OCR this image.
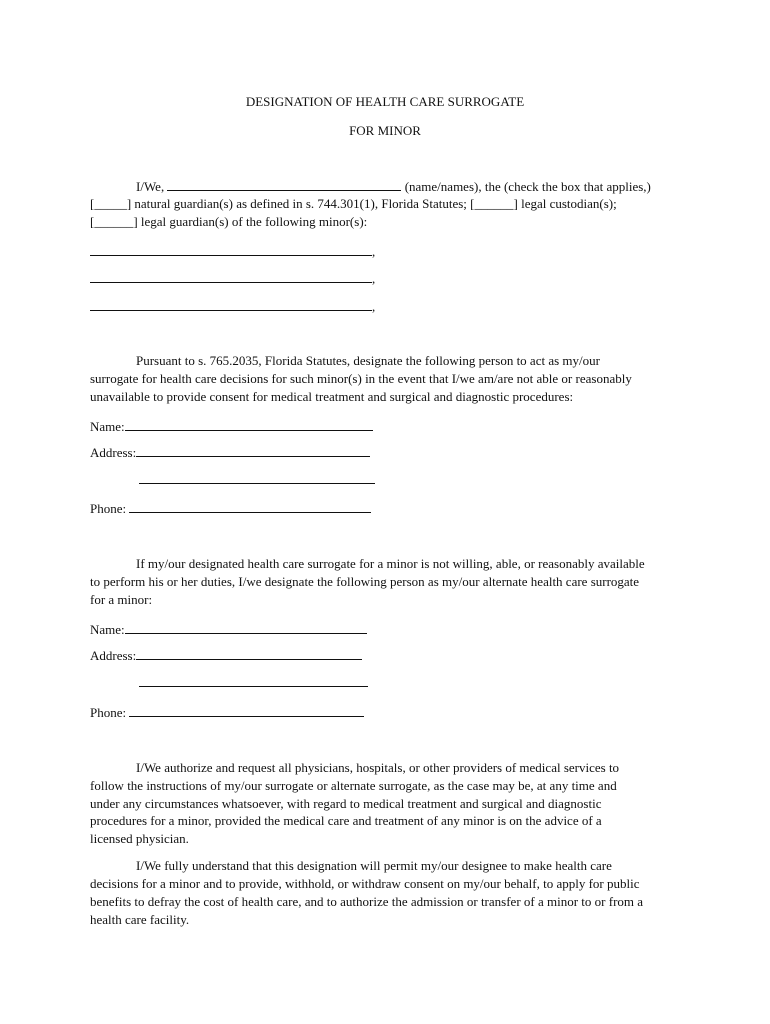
DESIGNATION OF HEALTH CARE SURROGATE
FOR MINOR
I/We,	(name/names), the (check the box that applies,)
[_____] natural guardian(s) as defined in s. 744.301(1), Florida Statutes; [______] legal custodian(s);
[______] legal guardian(s) of the following minor(s):
,
,
,
Pursuant to s. 765.2035, Florida Statutes, designate the following person to act as my/our
surrogate for health care decisions for such minor(s) in the event that I/we am/are not able or reasonably
unavailable to provide consent for medical treatment and surgical and diagnostic procedures:
Name:
Address:
Phone:
If my/our designated health care surrogate for a minor is not willing, able, or reasonably available
to perform his or her duties, I/we designate the following person as my/our alternate health care surrogate
for a minor:
Name:
Address:
Phone:
I/We authorize and request all physicians, hospitals, or other providers of medical services to
follow the instructions of my/our surrogate or alternate surrogate, as the case may be, at any time and
under any circumstances whatsoever, with regard to medical treatment and surgical and diagnostic
procedures for a minor, provided the medical care and treatment of any minor is on the advice of a
licensed physician.
I/We fully understand that this designation will permit my/our designee to make health care
decisions for a minor and to provide, withhold, or withdraw consent on my/our behalf, to apply for public
benefits to defray the cost of health care, and to authorize the admission or transfer of a minor to or from a
health care facility.
